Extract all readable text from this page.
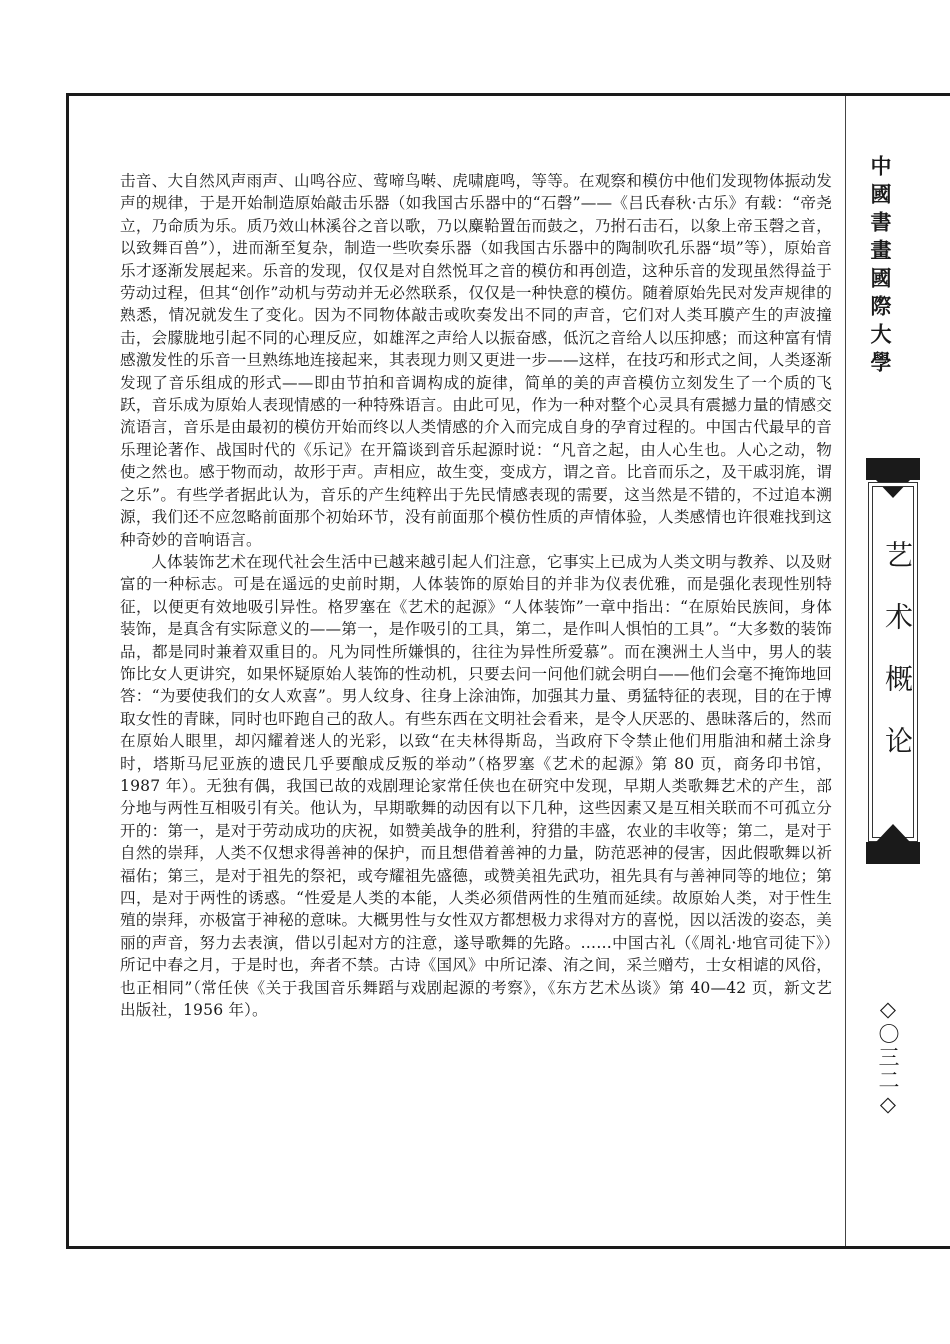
击音、大自然风声雨声、山鸣谷应、莺啼鸟啭、虎啸鹿鸣，等等。在观察和模仿中他们发现物体振动发声的规律，于是开始制造原始敲击乐器（如我国古乐器中的“石磬”——《吕氏春秋·古乐》有载：“帝尧立，乃命质为乐。质乃效山林溪谷之音以歌，乃以麋鞈置缶而鼓之，乃拊石击石，以象上帝玉磬之音，以致舞百兽”），进而渐至复杂，制造一些吹奏乐器（如我国古乐器中的陶制吹孔乐器“埙”等），原始音乐才逐渐发展起来。乐音的发现，仅仅是对自然悦耳之音的模仿和再创造，这种乐音的发现虽然得益于劳动过程，但其“创作”动机与劳动并无必然联系，仅仅是一种快意的模仿。随着原始先民对发声规律的熟悉，情况就发生了变化。因为不同物体敲击或吹奏发出不同的声音，它们对人类耳膜产生的声波撞击，会朦胧地引起不同的心理反应，如雄浑之声给人以振奋感，低沉之音给人以压抑感；而这种富有情感激发性的乐音一旦熟练地连接起来，其表现力则又更进一步——这样，在技巧和形式之间，人类逐渐发现了音乐组成的形式——即由节拍和音调构成的旋律，简单的美的声音模仿立刻发生了一个质的飞跃，音乐成为原始人表现情感的一种特殊语言。由此可见，作为一种对整个心灵具有震撼力量的情感交流语言，音乐是由最初的模仿开始而终以人类情感的介入而完成自身的孕育过程的。中国古代最早的音乐理论著作、战国时代的《乐记》在开篇谈到音乐起源时说：“凡音之起，由人心生也。人心之动，物使之然也。感于物而动，故形于声。声相应，故生变，变成方，谓之音。比音而乐之，及干戚羽旄，谓之乐”。有些学者据此认为，音乐的产生纯粹出于先民情感表现的需要，这当然是不错的，不过追本溯源，我们还不应忽略前面那个初始环节，没有前面那个模仿性质的声情体验，人类感情也许很难找到这种奇妙的音响语言。

人体装饰艺术在现代社会生活中已越来越引起人们注意，它事实上已成为人类文明与教养、以及财富的一种标志。可是在遥远的史前时期，人体装饰的原始目的并非为仪表优雅，而是强化表现性别特征，以便更有效地吸引异性。格罗塞在《艺术的起源》“人体装饰”一章中指出：“在原始民族间，身体装饰，是真含有实际意义的——第一，是作吸引的工具，第二，是作叫人惧怕的工具”。“大多数的装饰品，都是同时兼着双重目的。凡为同性所嫌惧的，往往为异性所爱慕”。而在澳洲土人当中，男人的装饰比女人更讲究，如果怀疑原始人装饰的性动机，只要去问一问他们就会明白——他们会毫不掩饰地回答：“为要使我们的女人欢喜”。男人纹身、往身上涂油饰，加强其力量、勇猛特征的表现，目的在于博取女性的青睐，同时也吓跑自己的敌人。有些东西在文明社会看来，是令人厌恶的、愚昧落后的，然而在原始人眼里，却闪耀着迷人的光彩，以致“在夫林得斯岛，当政府下令禁止他们用脂油和赭土涂身时，塔斯马尼亚族的遗民几乎要酿成反叛的举动”（格罗塞《艺术的起源》第 80 页，商务印书馆，1987 年）。无独有偶，我国已故的戏剧理论家常任侠也在研究中发现，早期人类歌舞艺术的产生，部分地与两性互相吸引有关。他认为，早期歌舞的动因有以下几种，这些因素又是互相关联而不可孤立分开的：第一，是对于劳动成功的庆祝，如赞美战争的胜利，狩猎的丰盛，农业的丰收等；第二，是对于自然的崇拜，人类不仅想求得善神的保护，而且想借着善神的力量，防范恶神的侵害，因此假歌舞以祈福佑；第三，是对于祖先的祭祀，或夸耀祖先盛德，或赞美祖先武功，祖先具有与善神同等的地位；第四，是对于两性的诱惑。“性爱是人类的本能，人类必须借两性的生殖而延续。故原始人类，对于性生殖的崇拜，亦极富于神秘的意味。大概男性与女性双方都想极力求得对方的喜悦，因以活泼的姿态，美丽的声音，努力去表演，借以引起对方的注意，遂导歌舞的先路。……中国古礼（《周礼·地官司徒下》）所记中春之月，于是时也，奔者不禁。古诗《国风》中所记溱、洧之间，采兰赠芍，士女相谑的风俗，也正相同”（常任侠《关于我国音乐舞蹈与戏剧起源的考察》，《东方艺术丛谈》第 40—42 页，新文艺出版社，1956 年）。

中國書畫國際大學
艺术概论
◇〇三二◇
